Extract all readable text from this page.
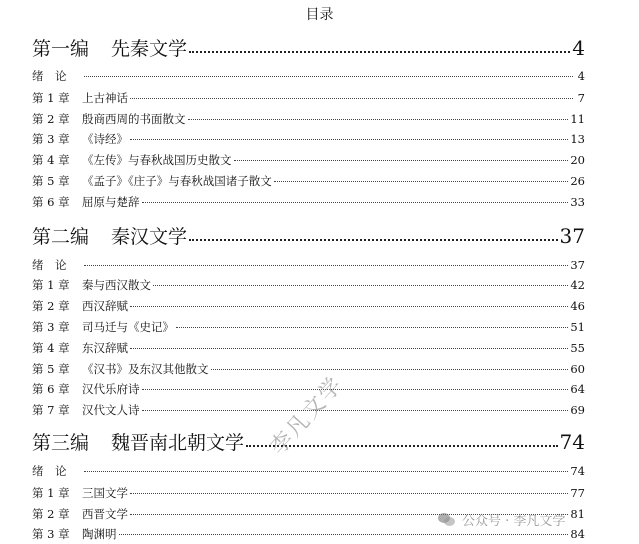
目录
第一编 先秦文学	4
绪　论	4
第 1 章	上古神话	7
第 2 章	殷商西周的书面散文	11
第 3 章	《诗经》	13
第 4 章	《左传》与春秋战国历史散文	20
第 5 章	《孟子》《庄子》与春秋战国诸子散文	26
第 6 章	屈原与楚辞	33
第二编 秦汉文学	37
绪　论	37
第 1 章	秦与西汉散文	42
第 2 章	西汉辞赋	46
第 3 章	司马迁与《史记》	51
第 4 章	东汉辞赋	55
第 5 章	《汉书》及东汉其他散文	60
第 6 章	汉代乐府诗	64
第 7 章	汉代文人诗	69
第三编 魏晋南北朝文学	74
绪　论	74
第 1 章	三国文学	77
第 2 章	西晋文学	81
第 3 章	陶渊明	84
李凡文学
公众号 · 李凡文学
